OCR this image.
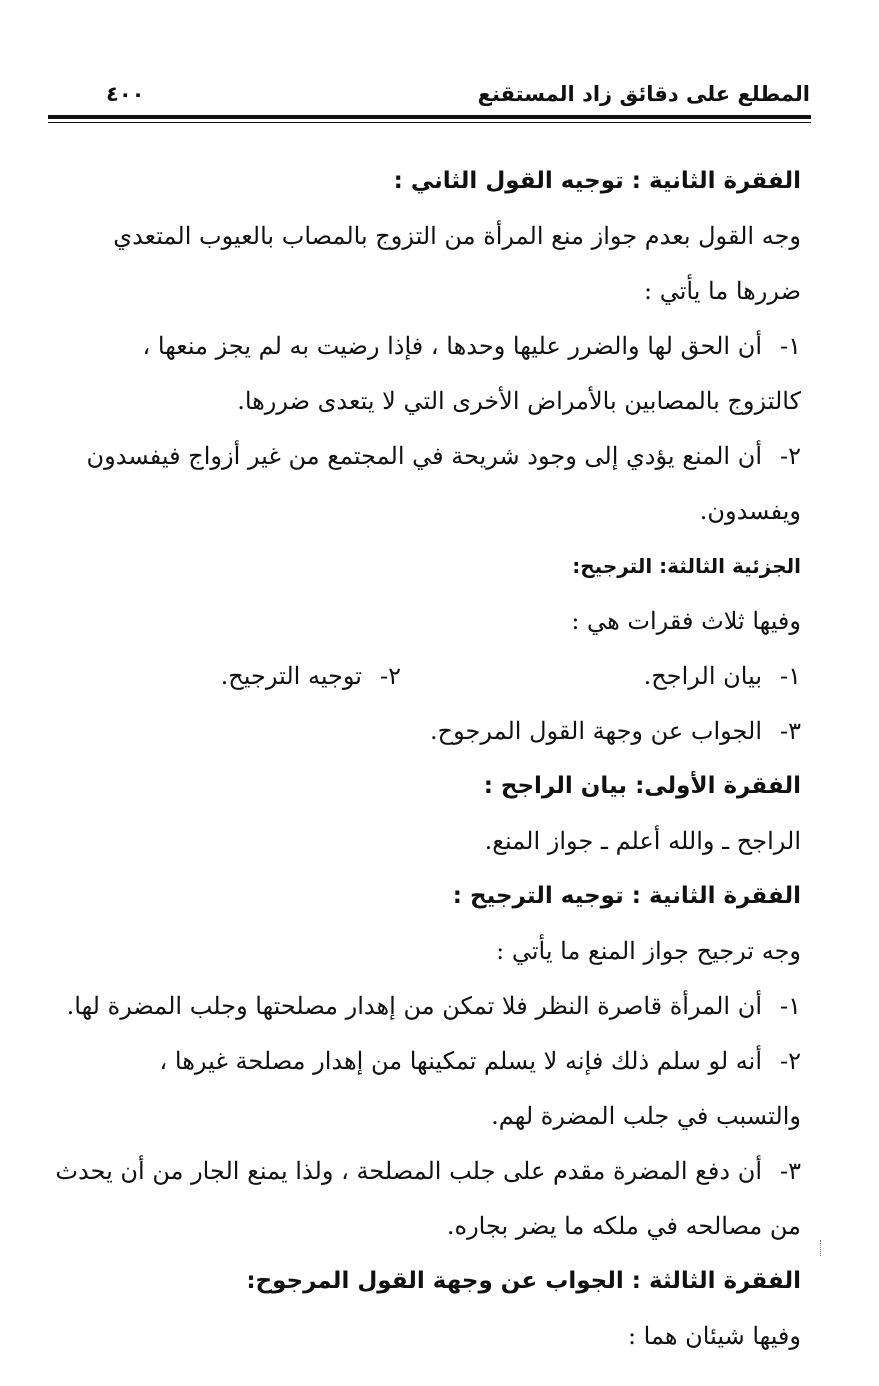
المطلع على دقائق زاد المستقنع
٤٠٠
الفقرة الثانية : توجيه القول الثاني :
وجه القول بعدم جواز منع المرأة من التزوج بالمصاب بالعيوب المتعدي
ضررها ما يأتي :
١-أن الحق لها والضرر عليها وحدها ، فإذا رضيت به لم يجز منعها ،
كالتزوج بالمصابين بالأمراض الأخرى التي لا يتعدى ضررها.
٢-أن المنع يؤدي إلى وجود شريحة في المجتمع من غير أزواج فيفسدون
ويفسدون.
الجزئية الثالثة: الترجيح:
وفيها ثلاث فقرات هي :
١-بيان الراجح.
٢-توجيه الترجيح.
٣-الجواب عن وجهة القول المرجوح.
الفقرة الأولى: بيان الراجح :
الراجح ـ والله أعلم ـ جواز المنع.
الفقرة الثانية : توجيه الترجيح :
وجه ترجيح جواز المنع ما يأتي :
١-أن المرأة قاصرة النظر فلا تمكن من إهدار مصلحتها وجلب المضرة لها.
٢-أنه لو سلم ذلك فإنه لا يسلم تمكينها من إهدار مصلحة غيرها ،
والتسبب في جلب المضرة لهم.
٣-أن دفع المضرة مقدم على جلب المصلحة ، ولذا يمنع الجار من أن يحدث
من مصالحه في ملكه ما يضر بجاره.
الفقرة الثالثة : الجواب عن وجهة القول المرجوح:
وفيها شيئان هما :
